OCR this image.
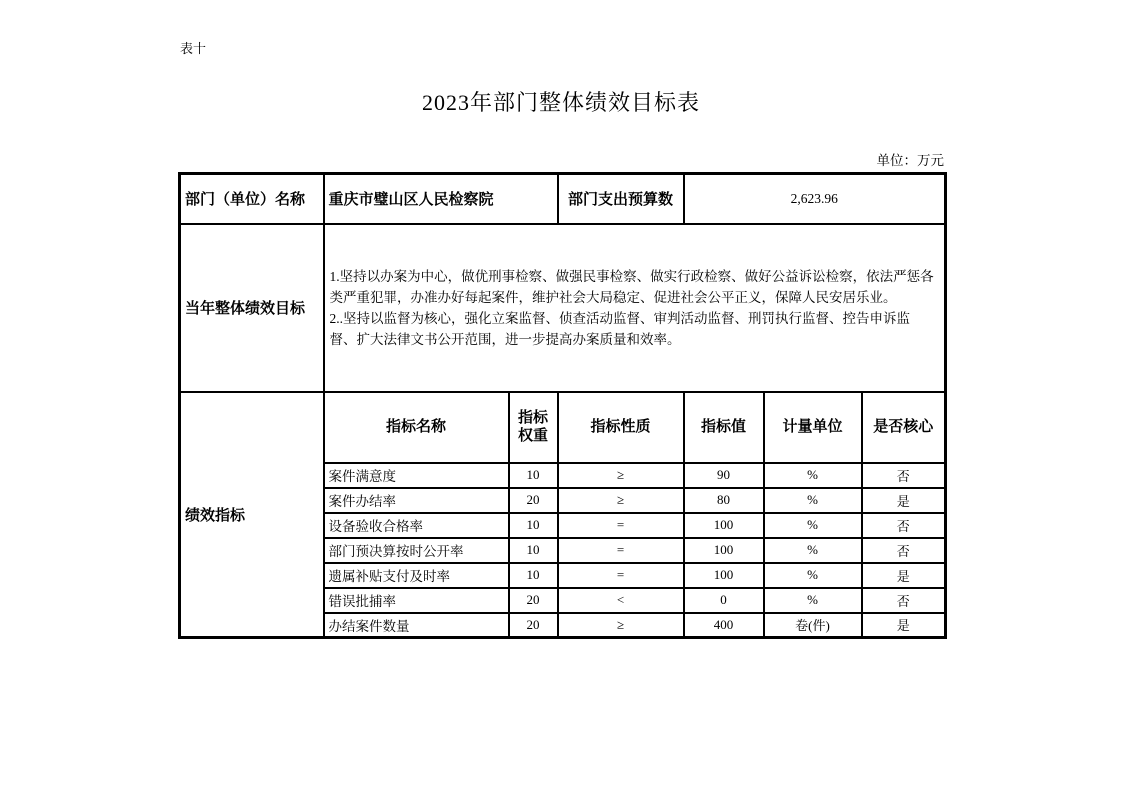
表十
2023年部门整体绩效目标表
单位：万元
部门（单位）名称	重庆市璧山区人民检察院		部门支出预算数	2,623.96		
当年整体绩效目标	1.坚持以办案为中心，做优刑事检察、做强民事检察、做实行政检察、做好公益诉讼检察，依法严惩各类严重犯罪，办准办好每起案件，维护社会大局稳定、促进社会公平正义，保障人民安居乐业。

2..坚持以监督为核心，强化立案监督、侦查活动监督、审判活动监督、刑罚执行监督、控告申诉监督、扩大法律文书公开范围，进一步提高办案质量和效率。					

绩效指标	指标名称	指标权重	指标性质	指标值	计量单位	是否核心
	案件满意度	10	≥	90	%	否
	案件办结率	20	≥	80	%	是
	设备验收合格率	10	=	100	%	否
	部门预决算按时公开率	10	=	100	%	否
	遗属补贴支付及时率	10	=	100	%	是
	错误批捕率	20	<	0	%	否
	办结案件数量	20	≥	400	卷(件)	是
